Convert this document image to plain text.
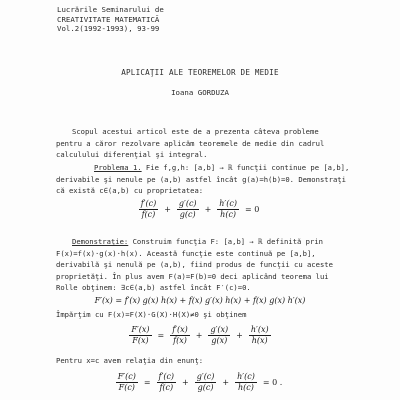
Lucrările Seminarului de
CREATIVITATE MATEMATICĂ
Vol.2(1992-1993), 93-99
APLICAŢII ALE TEOREMELOR DE MEDIE
Ioana GORDUZA
Scopul acestui articol este de a prezenta câteva probleme
pentru a căror rezolvare aplicăm teoremele de medie din cadrul
calculului diferenţial şi integral.
Problema 1. Fie f,g,h: [a,b] → ℝ funcţii continue pe [a,b],
derivabile şi nenule pe (a,b) astfel încât g(a)=h(b)=0. Demonstraţi
că există c∈(a,b) cu proprietatea:
$\frac{f'(c)}{f(c)} + \frac{g'(c)}{g(c)} + \frac{h'(c)}{h(c)} = 0$
Demonstraţie: Construim funcţia F: [a,b] → ℝ definită prin
F(x)=f(x)·g(x)·h(x). Această funcţie este continuă pe [a,b],
derivabilă şi nenulă pe (a,b), fiind produs de funcţii cu aceste
proprietăţi. În plus avem F(a)=F(b)=0 deci aplicând teorema lui
Rolle obţinem: ∃c∈(a,b) astfel încât F′(c)=0.
F′(x) = f′(x) g(x) h(x) + f(x) g′(x) h(x) + f(x) g(x) h′(x)
Împărţim cu F(x)=F(X)·G(X)·H(X)≠0 şi obţinem
$\frac{F'(x)}{F(x)} = \frac{f'(x)}{f(x)} + \frac{g'(x)}{g(x)} + \frac{h'(x)}{h(x)}$
Pentru x=c avem relaţia din enunţ:
$\frac{F'(c)}{F(c)} = \frac{f'(c)}{f(c)} + \frac{g'(c)}{g(c)} + \frac{h'(c)}{h(c)} = 0$ .
